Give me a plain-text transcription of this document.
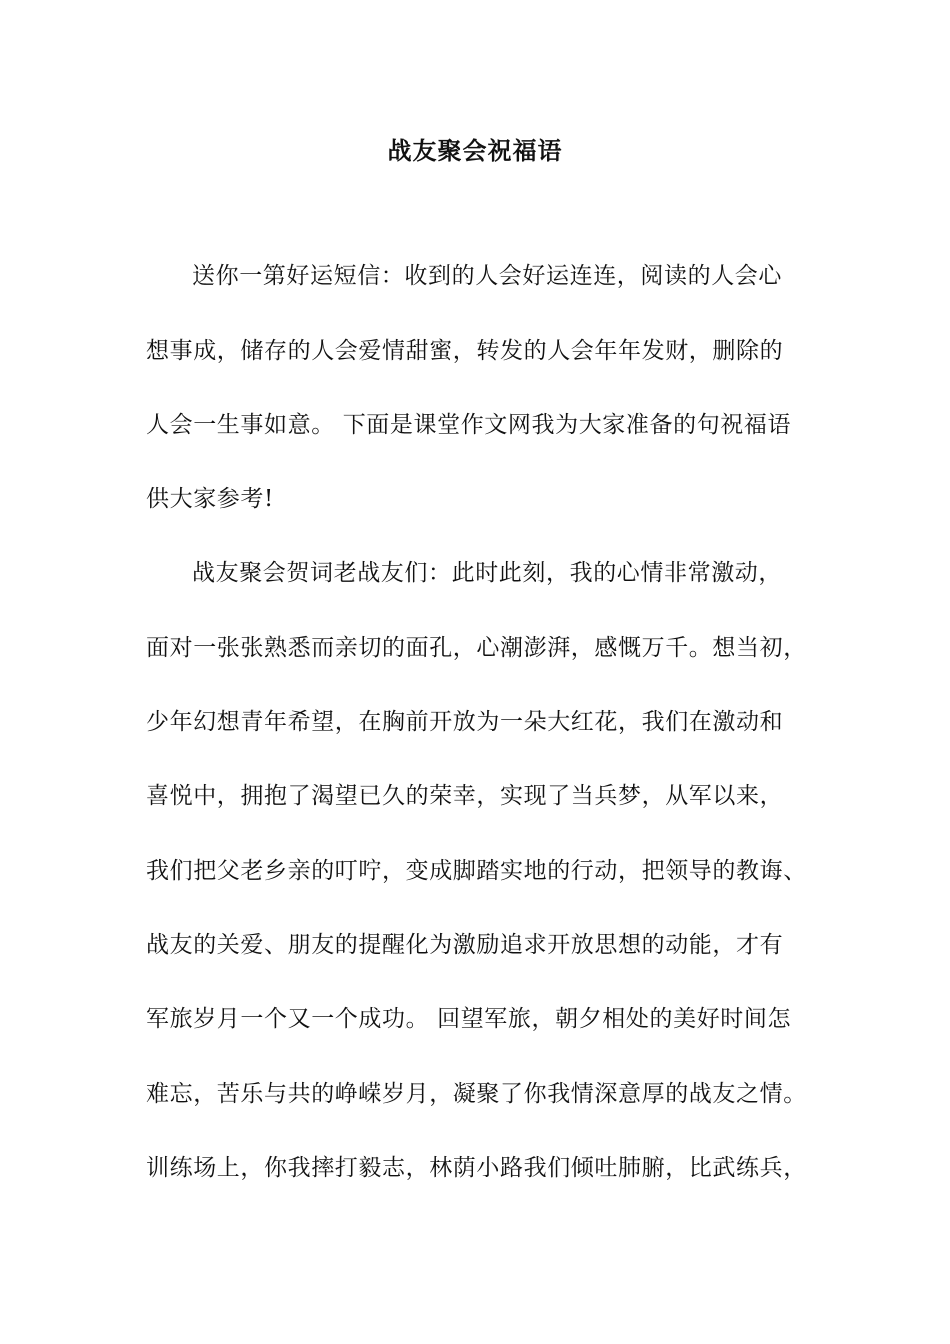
战友聚会祝福语

送你一第好运短信：收到的人会好运连连，阅读的人会心

想事成，储存的人会爱情甜蜜，转发的人会年年发财，删除的

人会一生事如意。 下面是课堂作文网我为大家准备的句祝福语

供大家参考!

战友聚会贺词老战友们：此时此刻，我的心情非常激动，

面对一张张熟悉而亲切的面孔，心潮澎湃，感慨万千。想当初，

少年幻想青年希望，在胸前开放为一朵大红花，我们在激动和

喜悦中，拥抱了渴望已久的荣幸，实现了当兵梦，从军以来，

我们把父老乡亲的叮咛，变成脚踏实地的行动，把领导的教诲、

战友的关爱、朋友的提醒化为激励追求开放思想的动能，才有

军旅岁月一个又一个成功。 回望军旅，朝夕相处的美好时间怎

难忘，苦乐与共的峥嵘岁月，凝聚了你我情深意厚的战友之情。

训练场上，你我摔打毅志，林荫小路我们倾吐肺腑，比武练兵，
